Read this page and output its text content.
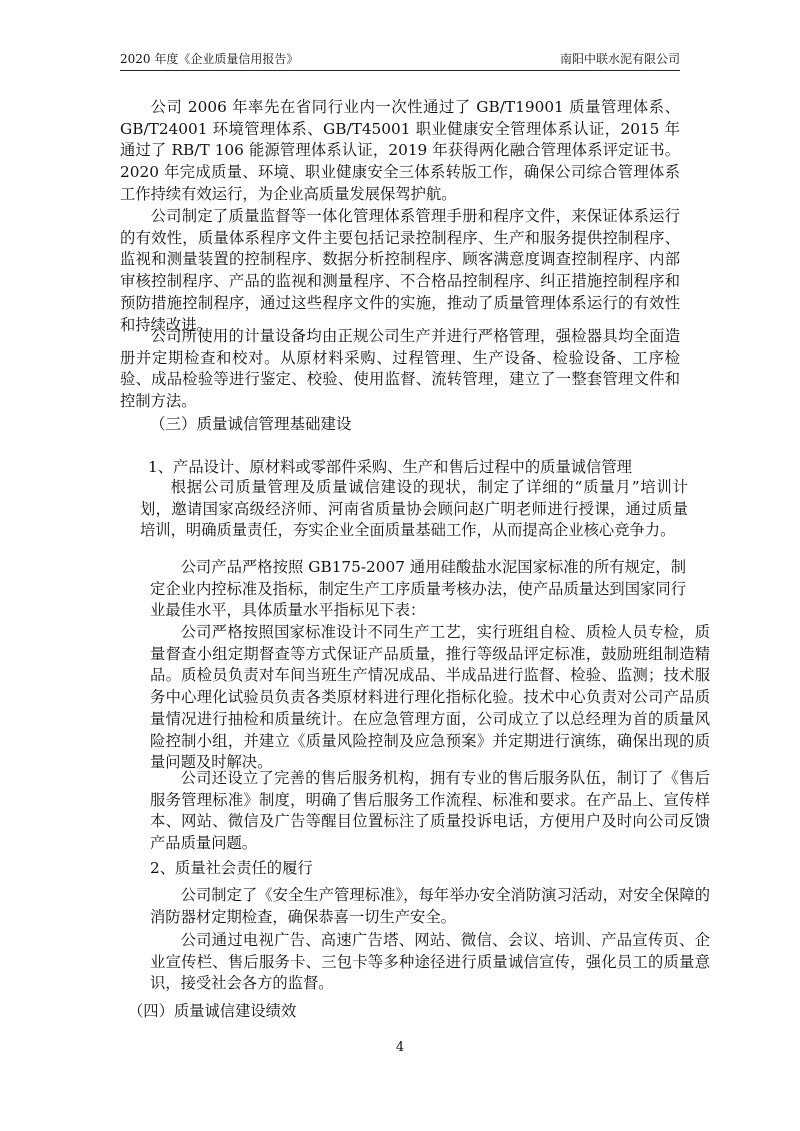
2020 年度《企业质量信用报告》	南阳中联水泥有限公司
公司 2006 年率先在省同行业内一次性通过了 GB/T19001 质量管理体系、GB/T24001 环境管理体系、GB/T45001 职业健康安全管理体系认证，2015 年通过了 RB/T 106 能源管理体系认证，2019 年获得两化融合管理体系评定证书。2020 年完成质量、环境、职业健康安全三体系转版工作，确保公司综合管理体系工作持续有效运行，为企业高质量发展保驾护航。
公司制定了质量监督等一体化管理体系管理手册和程序文件，来保证体系运行的有效性，质量体系程序文件主要包括记录控制程序、生产和服务提供控制程序、监视和测量装置的控制程序、数据分析控制程序、顾客满意度调查控制程序、内部审核控制程序、产品的监视和测量程序、不合格品控制程序、纠正措施控制程序和预防措施控制程序，通过这些程序文件的实施，推动了质量管理体系运行的有效性和持续改进。
公司所使用的计量设备均由正规公司生产并进行严格管理，强检器具均全面造册并定期检查和校对。从原材料采购、过程管理、生产设备、检验设备、工序检验、成品检验等进行鉴定、校验、使用监督、流转管理，建立了一整套管理文件和控制方法。
（三）质量诚信管理基础建设
1、产品设计、原材料或零部件采购、生产和售后过程中的质量诚信管理
根据公司质量管理及质量诚信建设的现状，制定了详细的“质量月”培训计划，邀请国家高级经济师、河南省质量协会顾问赵广明老师进行授课，通过质量培训，明确质量责任，夯实企业全面质量基础工作，从而提高企业核心竞争力。
公司产品严格按照 GB175-2007 通用硅酸盐水泥国家标准的所有规定，制定企业内控标准及指标，制定生产工序质量考核办法，使产品质量达到国家同行业最佳水平，具体质量水平指标见下表：
公司严格按照国家标准设计不同生产工艺，实行班组自检、质检人员专检，质量督查小组定期督查等方式保证产品质量，推行等级品评定标准，鼓励班组制造精品。质检员负责对车间当班生产情况成品、半成品进行监督、检验、监测；技术服务中心理化试验员负责各类原材料进行理化指标化验。技术中心负责对公司产品质量情况进行抽检和质量统计。在应急管理方面，公司成立了以总经理为首的质量风险控制小组，并建立《质量风险控制及应急预案》并定期进行演练，确保出现的质量问题及时解决。
公司还设立了完善的售后服务机构，拥有专业的售后服务队伍，制订了《售后服务管理标准》制度，明确了售后服务工作流程、标准和要求。在产品上、宣传样本、网站、微信及广告等醒目位置标注了质量投诉电话，方便用户及时向公司反馈产品质量问题。
2、质量社会责任的履行
公司制定了《安全生产管理标准》，每年举办安全消防演习活动，对安全保障的消防器材定期检查，确保恭喜一切生产安全。
公司通过电视广告、高速广告塔、网站、微信、会议、培训、产品宣传页、企业宣传栏、售后服务卡、三包卡等多种途径进行质量诚信宣传，强化员工的质量意识，接受社会各方的监督。
（四）质量诚信建设绩效
4
